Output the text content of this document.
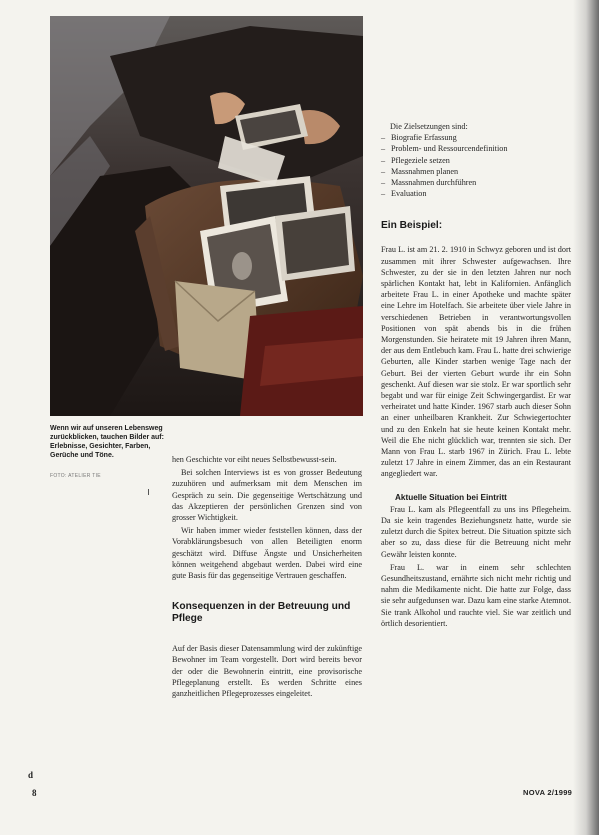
Wenn wir auf unseren Lebensweg zurückblicken, tauchen Bilder auf: Erlebnisse, Gesichter, Farben, Gerüche und Töne.
FOTO: ATELIER TIE

hen Geschichte vor eiht neues Selbstbewusst-sein.

Bei solchen Interviews ist es von grosser Bedeutung zuzuhören und aufmerksam mit dem Menschen im Gespräch zu sein. Die gegenseitige Wertschätzung und das Akzeptieren der persönlichen Grenzen sind von grosser Wichtigkeit.

Wir haben immer wieder feststellen können, dass der Vorabklärungsbesuch von allen Beteiligten enorm geschätzt wird. Diffuse Ängste und Unsicherheiten können weitgehend abgebaut werden. Dabei wird eine gute Basis für das gegenseitige Vertrauen geschaffen.

Konsequenzen in der Betreuung und Pflege

Auf der Basis dieser Datensammlung wird der zukünftige Bewohner im Team vorgestellt. Dort wird bereits bevor der oder die Bewohnerin eintritt, eine provisorische Pflegeplanung erstellt. Es werden Schritte eines ganzheitlichen Pflegeprozesses eingeleitet.

Die Zielsetzungen sind:

– Biografie Erfassung
– Problem- und Ressourcendefinition
– Pflegeziele setzen
– Massnahmen planen
– Massnahmen durchführen
– Evaluation
Ein Beispiel:

Frau L. ist am 21. 2. 1910 in Schwyz geboren und ist dort zusammen mit ihrer Schwester aufgewachsen. Ihre Schwester, zu der sie in den letzten Jahren nur noch spärlichen Kontakt hat, lebt in Kalifornien. Anfänglich arbeitete Frau L. in einer Apotheke und machte später eine Lehre im Hotelfach. Sie arbeitete über viele Jahre in verschiedenen Betrieben in verantwortungsvollen Positionen von spät abends bis in die frühen Morgenstunden. Sie heiratete mit 19 Jahren ihren Mann, der aus dem Entlebuch kam. Frau L. hatte drei schwierige Geburten, alle Kinder starben wenige Tage nach der Geburt. Bei der vierten Geburt wurde ihr ein Sohn geschenkt. Auf diesen war sie stolz. Er war sportlich sehr begabt und war für einige Zeit Schwingergardist. Er war verheiratet und hatte Kinder. 1967 starb auch dieser Sohn an einer unheilbaren Krankheit. Zur Schwiegertochter und zu den Enkeln hat sie heute keinen Kontakt mehr. Weil die Ehe nicht glücklich war, trennten sie sich. Der Mann von Frau L. starb 1967 in Zürich. Frau L. lebte zuletzt 17 Jahre in einem Zimmer, das an ein Restaurant angegliedert war.

Aktuelle Situation bei Eintritt

Frau L. kam als Pflegeentfall zu uns ins Pflegeheim. Da sie kein tragendes Beziehungsnetz hatte, wurde sie zuletzt durch die Spitex betreut. Die Situation spitzte sich aber so zu, dass diese für die Betreuung nicht mehr Gewähr leisten konnte.

Frau L. war in einem sehr schlechten Gesundheitszustand, ernährte sich nicht mehr richtig und nahm die Medikamente nicht. Die hatte zur Folge, dass sie sehr aufgedunsen war. Dazu kam eine starke Atemnot. Sie trank Alkohol und rauchte viel. Sie war zeitlich und örtlich desorientiert.

d
8	NOVA 2/1999
